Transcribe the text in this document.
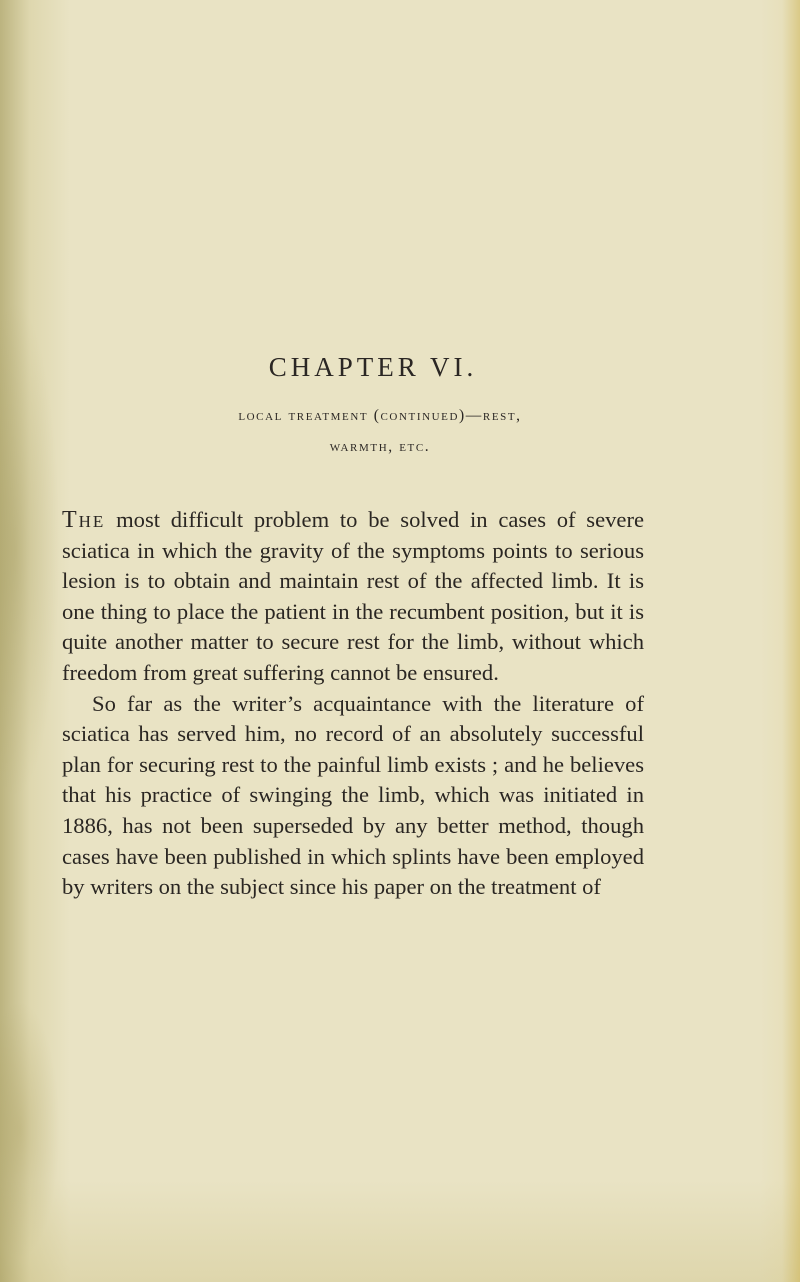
CHAPTER VI.
local treatment (continued)—rest,
warmth, etc.

The most difficult problem to be solved in cases of severe sciatica in which the gravity of the symptoms points to serious lesion is to obtain and maintain rest of the affected limb. It is one thing to place the patient in the recumbent position, but it is quite another matter to secure rest for the limb, without which freedom from great suffering cannot be ensured.

So far as the writer’s acquaintance with the literature of sciatica has served him, no record of an absolutely successful plan for securing rest to the painful limb exists ; and he believes that his practice of swinging the limb, which was initiated in 1886, has not been superseded by any better method, though cases have been published in which splints have been employed by writers on the subject since his paper on the treatment of
